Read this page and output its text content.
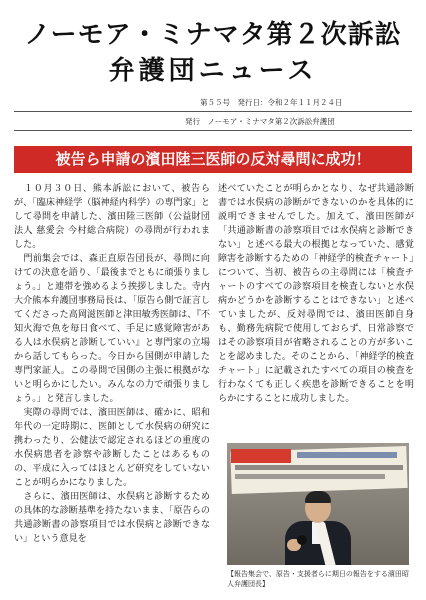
ノーモア・ミナマタ第２次訴訟
弁護団ニュース
第５５号　発行日：令和２年１１月２４日
発行　ノーモア・ミナマタ第２次訴訟弁護団
被告ら申請の濱田陸三医師の反対尋問に成功！

　１０月３０日、熊本訴訟において、被告らが、「臨床神経学（脳神経内科学）の専門家」として尋問を申請した、濱田陸三医師（公益財団法人 慈愛会 今村総合病院）の尋問が行われました。

　門前集会では、森正直原告団長が、尋問に向けての決意を語り、「最後までともに頑張りましょう。」と連帯を強めるよう挨拶しました。寺内大介熊本弁護団事務局長は、「原告ら側で証言してくださった高岡滋医師と津田敏秀医師は、『不知火海で魚を毎日食べて、手足に感覚障害がある人は水俣病と診断していい』と専門家の立場から話してもらった。今日から国側が申請した専門家証人。この尋問で国側の主張に根拠がないと明らかにしたい。みんなの力で頑張りましょう。」と発言しました。

　実際の尋問では、濱田医師は、確かに、昭和年代の一定時期に、医師として水俣病の研究に携わったり、公健法で認定されるほどの重度の水俣病患者を診察や診断したことはあるものの、平成に入ってはほとんど研究をしていないことが明らかになりました。

　さらに、濱田医師は、水俣病と診断するための具体的な診断基準を持たないまま、「原告らの共通診断書の診察項目では水俣病と診断できない」という意見を

述べていたことが明らかとなり、なぜ共通診断書では水俣病の診断ができないのかを具体的に説明できませんでした。加えて、濱田医師が「共通診断書の診察項目では水俣病と診断できない」と述べる最大の根拠となっていた、感覚障害を診断するための「神経学的検査チャート」について、当初、被告らの主尋問には「検査チャートのすべての診察項目を検査しないと水俣病かどうかを診断することはできない」と述べていましたが、反対尋問では、濱田医師自身も、勤務先病院で使用しておらず、日常診察ではその診察項目が省略されることの方が多いことを認めました。そのことから、「神経学的検査チャート」に記載されたすべての項目の検査を行わなくても正しく疾患を診断できることを明らかにすることに成功しました。

【報告集会で、原告・支援者らに期日の報告をする濱田昭人弁護団長】
